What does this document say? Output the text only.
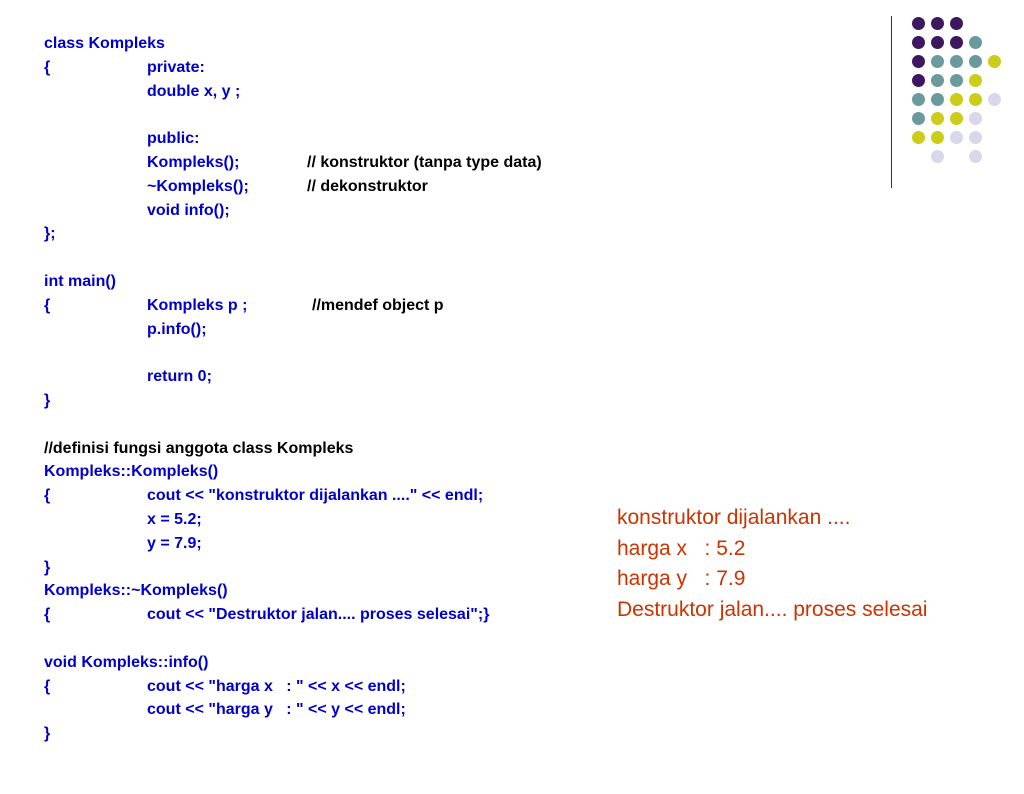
class Kompleks

{

	private:

double x, y ;

public:

Kompleks();

	// konstruktor (tanpa type data)

~Kompleks();

	// dekonstruktor

void info();

};

int main()

{

	Kompleks p ;

	//mendef object p

p.info();

return 0;

}

//definisi fungsi anggota class Kompleks

Kompleks::Kompleks()

{

	cout << "konstruktor dijalankan ...." << endl;

x = 5.2;

y = 7.9;

}

Kompleks::~Kompleks()

{

	cout << "Destruktor jalan.... proses selesai";}

void Kompleks::info()

{

	cout << "harga x   : " << x << endl;

cout << "harga y   : " << y << endl;

}

konstruktor dijalankan ....
harga x   : 5.2
harga y   : 7.9
Destruktor jalan.... proses selesai
